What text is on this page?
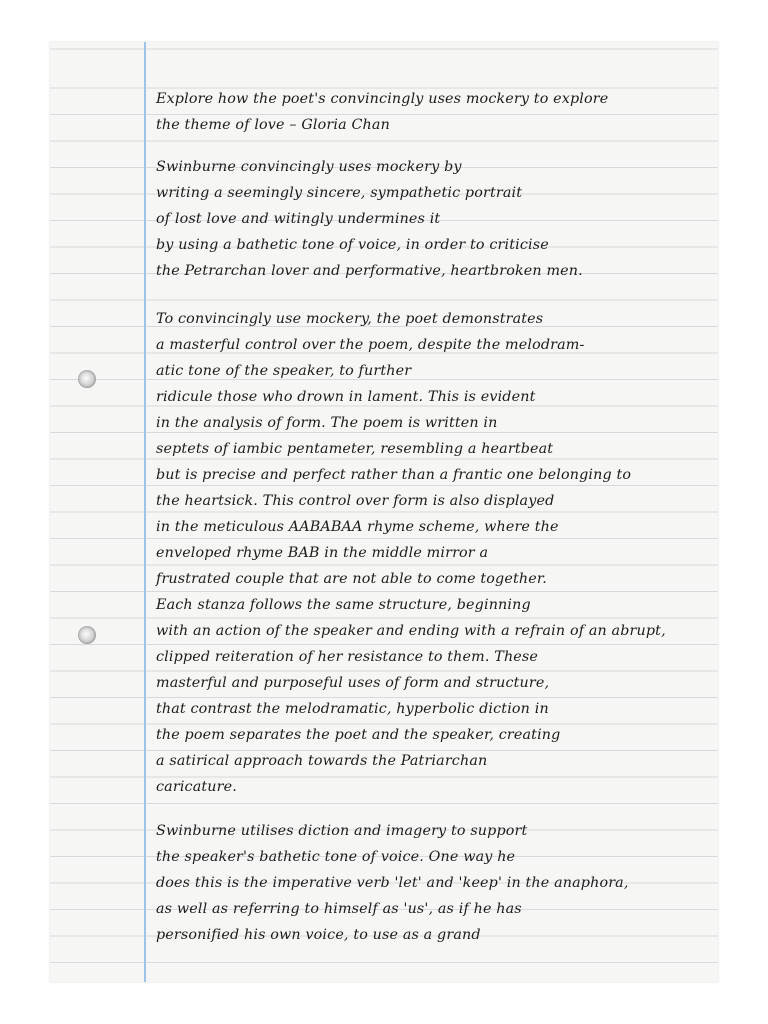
Explore how the poet's convincingly uses mockery to explore
the theme of love – Gloria Chan
Swinburne convincingly uses mockery by
writing a seemingly sincere, sympathetic portrait
of lost love and witingly undermines it
by using a bathetic tone of voice, in order to criticise
the Petrarchan lover and performative, heartbroken men.
To convincingly use mockery, the poet demonstrates
a masterful control over the poem, despite the melodram-
atic tone of the speaker, to further
ridicule those who drown in lament. This is evident
in the analysis of form. The poem is written in
septets of iambic pentameter, resembling a heartbeat
but is precise and perfect rather than a frantic one belonging to
the heartsick. This control over form is also displayed
in the meticulous AABABAA rhyme scheme, where the
enveloped rhyme BAB in the middle mirror a
frustrated couple that are not able to come together.
Each stanza follows the same structure, beginning
with an action of the speaker and ending with a refrain of an abrupt,
clipped reiteration of her resistance to them. These
masterful and purposeful uses of form and structure,
that contrast the melodramatic, hyperbolic diction in
the poem separates the poet and the speaker, creating
a satirical approach towards the Patriarchan
caricature.
Swinburne utilises diction and imagery to support
the speaker's bathetic tone of voice. One way he
does this is the imperative verb 'let' and 'keep' in the anaphora,
as well as referring to himself as 'us', as if he has
personified his own voice, to use as a grand
